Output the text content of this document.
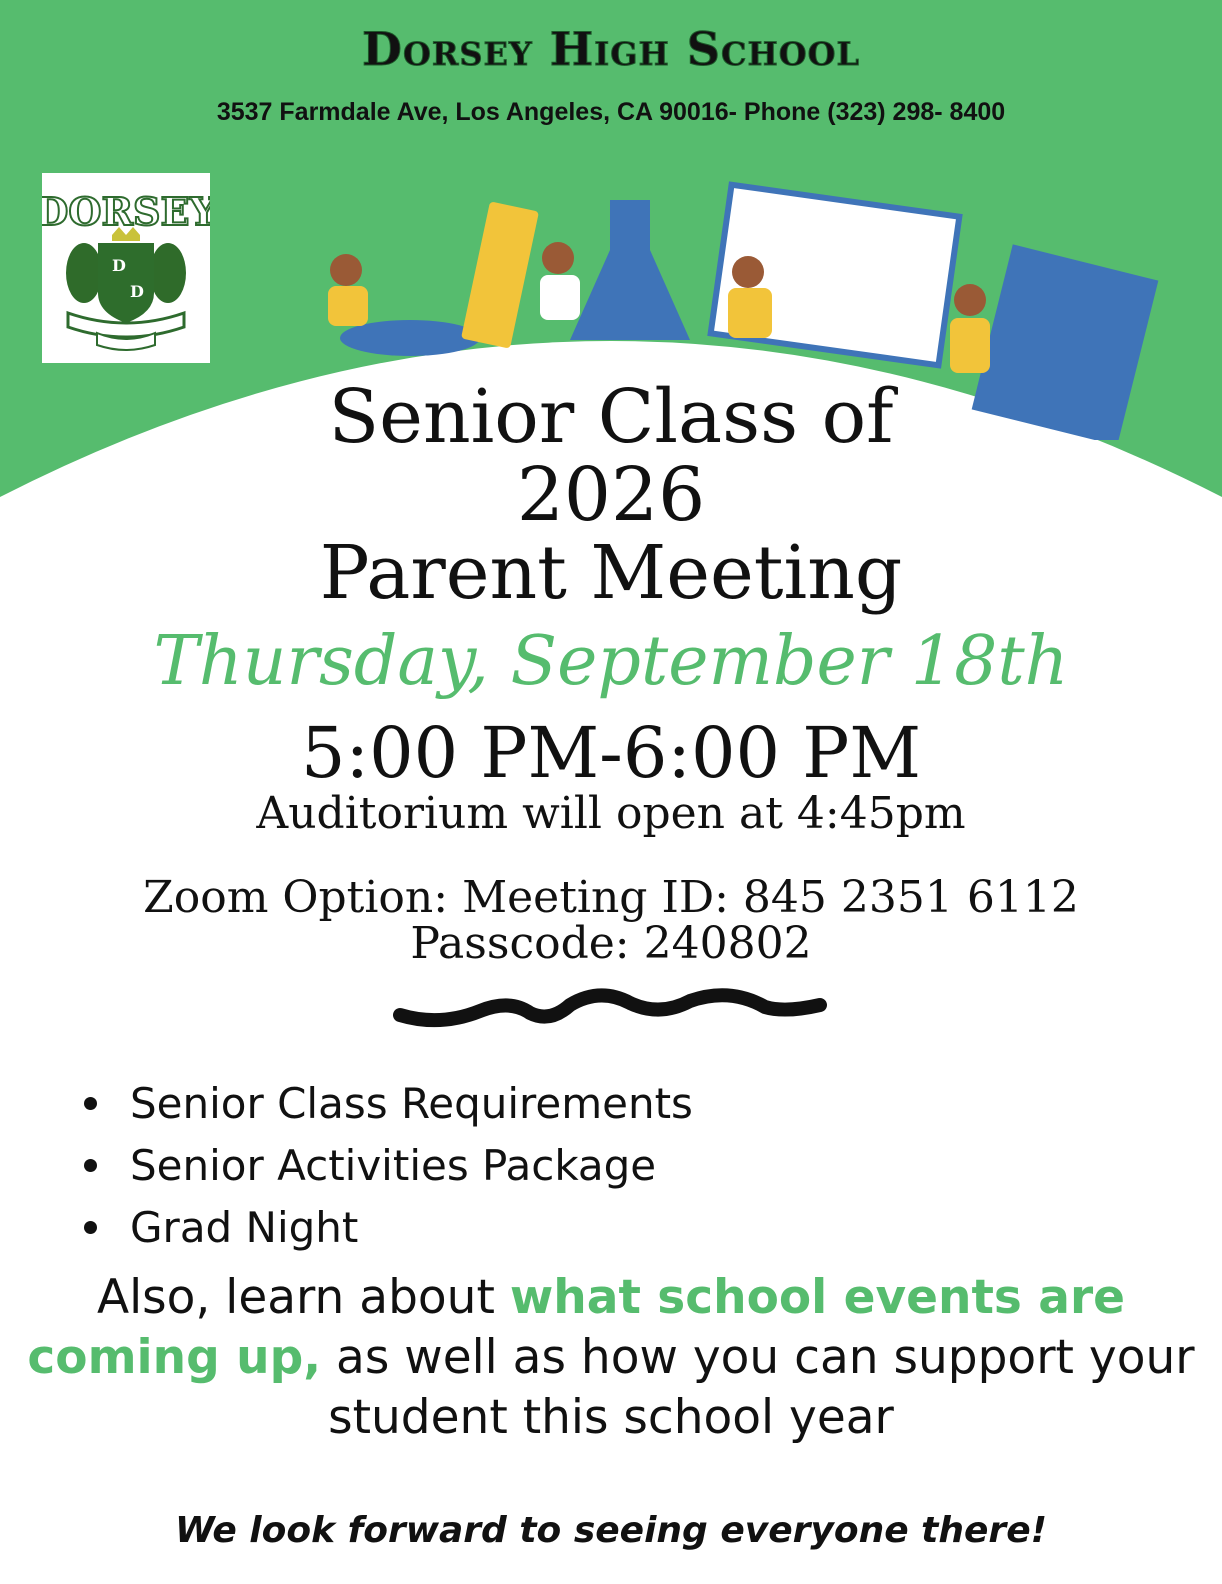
Dorsey High School
3537 Farmdale Ave, Los Angeles, CA 90016- Phone (323) 298- 8400
DORSEY
D
D
Senior Class of
2026
Parent Meeting
Thursday, September 18th
5:00 PM-6:00 PM
Auditorium will open at 4:45pm
Zoom Option: Meeting ID: 845 2351 6112
Passcode: 240802
Senior Class Requirements
Senior Activities Package
Grad Night
Also, learn about what school events are coming up, as well as how you can support your student this school year
We look forward to seeing everyone there!
